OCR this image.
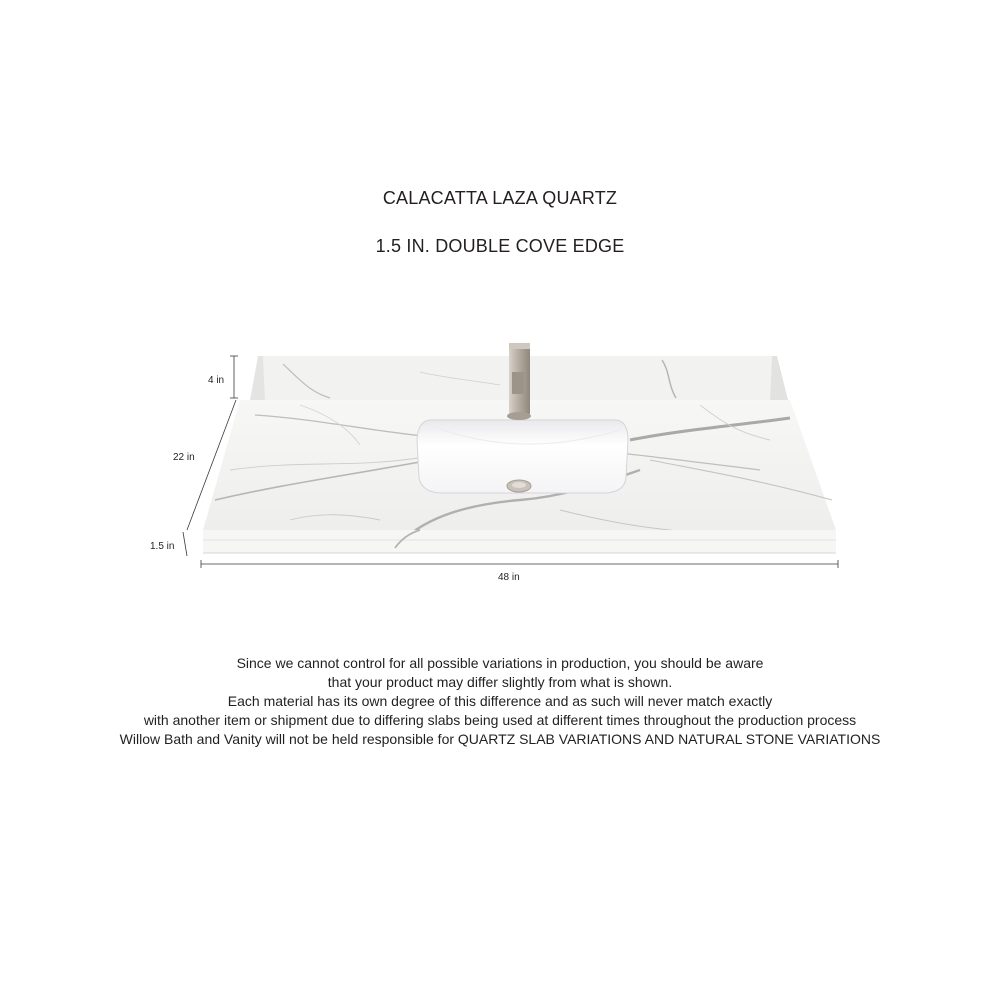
CALACATTA LAZA QUARTZ
1.5 IN. DOUBLE COVE EDGE
4 in
22 in
1.5 in
48 in
Since we cannot control for all possible variations in production, you should be aware
that your product may differ slightly from what is shown.
Each material has its own degree of this difference and as such will never match exactly
with another item or shipment due to differing slabs being used at different times throughout the production process
Willow Bath and Vanity will not be held responsible for QUARTZ SLAB VARIATIONS AND NATURAL STONE VARIATIONS
